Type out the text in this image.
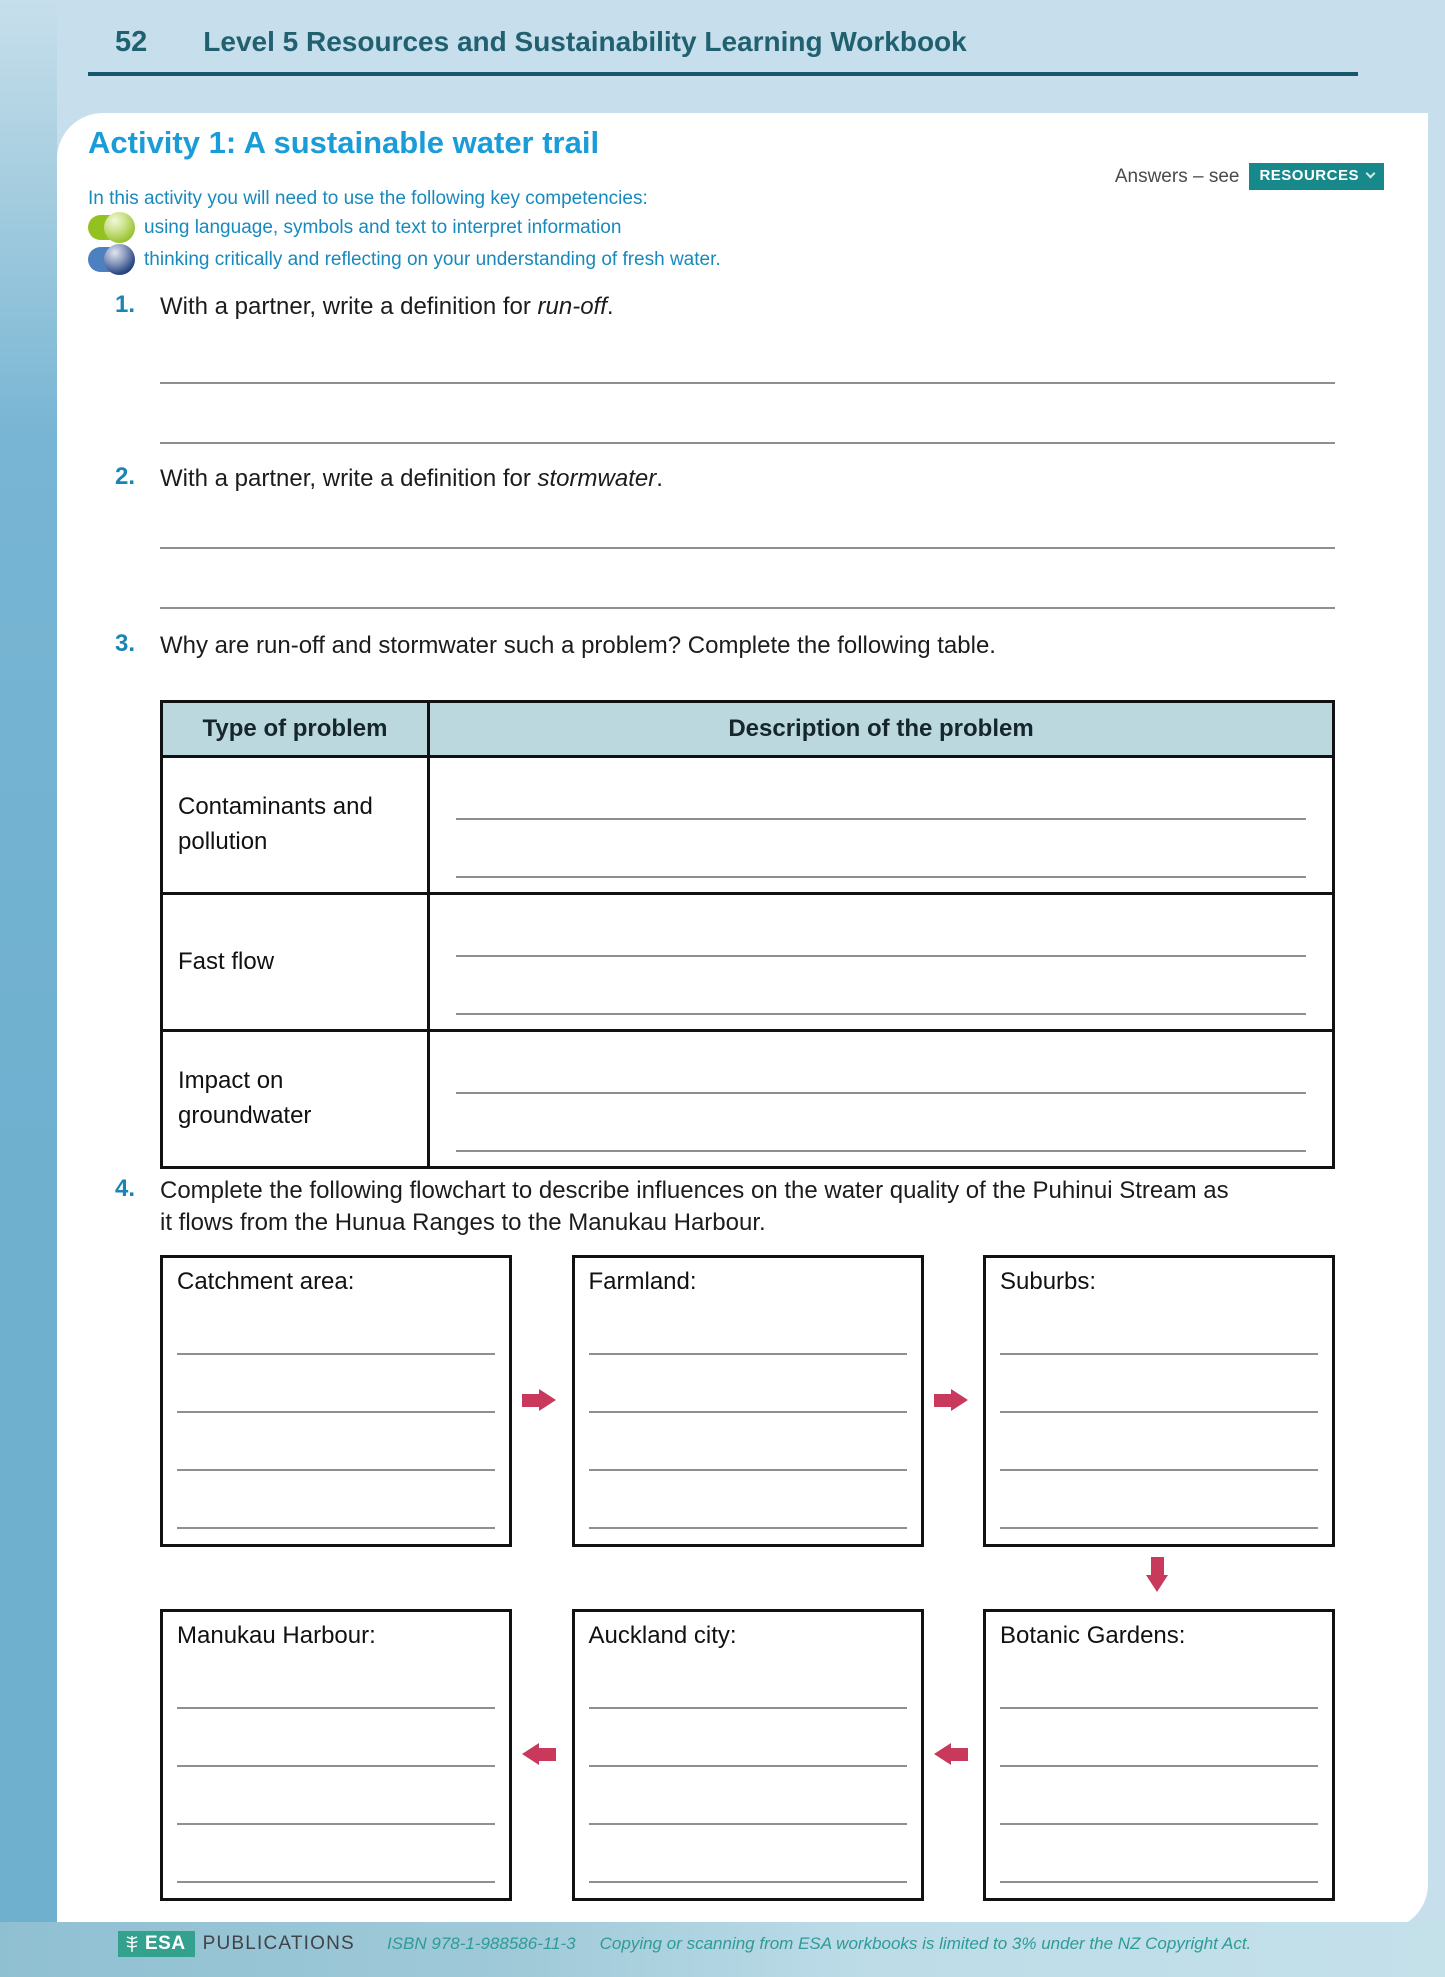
52 Level 5 Resources and Sustainability Learning Workbook
Activity 1: A sustainable water trail
Answers – see RESOURCES

In this activity you will need to use the following key competencies:

using language, symbols and text to interpret information
thinking critically and reflecting on your understanding of fresh water.
1. With a partner, write a definition for run-off.
2. With a partner, write a definition for stormwater.
3. Why are run-off and stormwater such a problem? Complete the following table.
Type of problem	Description of the problem
Contaminants and pollution	

Fast flow	

Impact on groundwater	
4. Complete the following flowchart to describe influences on the water quality of the Puhinui Stream as it flows from the Hunua Ranges to the Manukau Harbour.
Catchment area:	Farmland:	Suburbs:
Manukau Harbour:	Auckland city:	Botanic Gardens:
ESA PUBLICATIONS ISBN 978-1-988586-11-3 Copying or scanning from ESA workbooks is limited to 3% under the NZ Copyright Act.
